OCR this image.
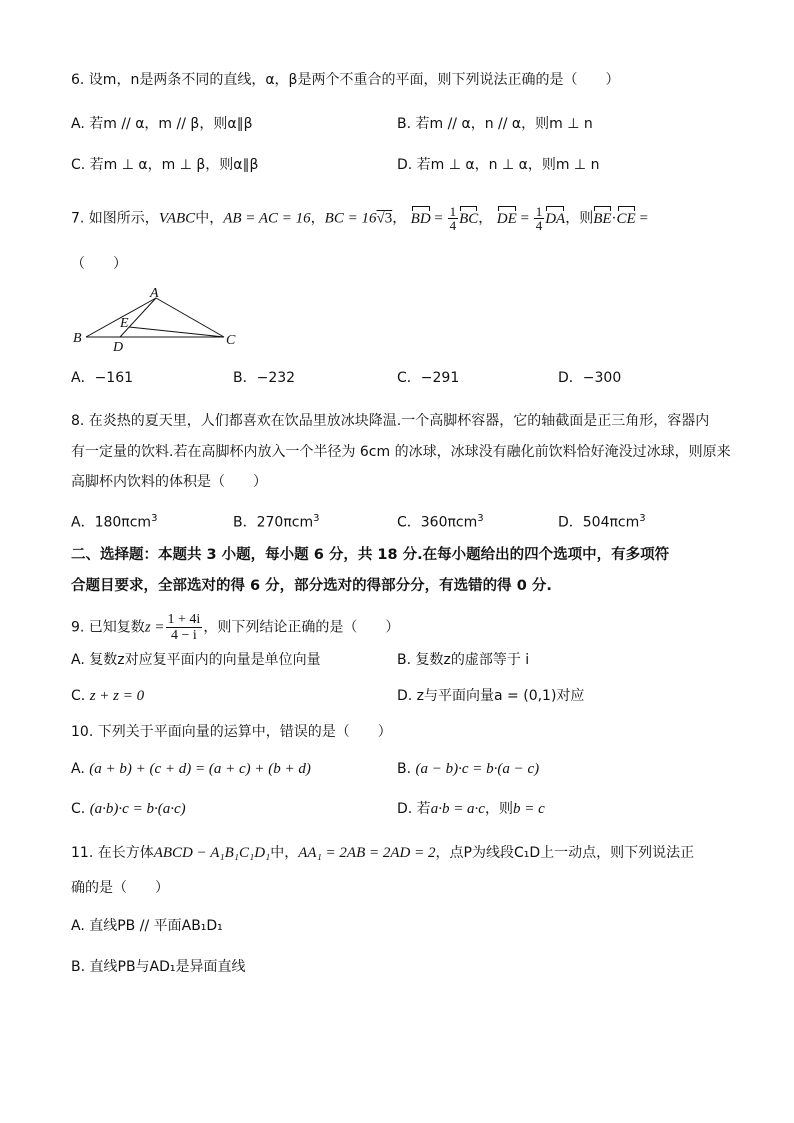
6. 设m，n是两条不同的直线，α，β是两个不重合的平面，则下列说法正确的是（　　）
A. 若m // α，m // β，则α∥β	B. 若m // α，n // α，则m ⊥ n
C. 若m ⊥ α，m ⊥ β，则α∥β	D. 若m ⊥ α，n ⊥ α，则m ⊥ n
7. 如图所示，VABC中，AB = AC = 16，BC = 16√3， BD = $\frac{1}{4}$ BC， DE = $\frac{1}{4}$ DA，则BE·CE =
（　　）
A
B	C
D
E
A．−161	B．−232	C．−291	D．−300
8. 在炎热的夏天里，人们都喜欢在饮品里放冰块降温.一个高脚杯容器，它的轴截面是正三角形，容器内
有一定量的饮料.若在高脚杯内放入一个半径为 6cm 的冰球，冰球没有融化前饮料恰好淹没过冰球，则原来
高脚杯内饮料的体积是（　　）
A．180πcm$^3$	B．270πcm$^3$	C．360πcm$^3$	D．504πcm$^3$
二、选择题：本题共 3 小题，每小题 6 分，共 18 分.在每小题给出的四个选项中，有多项符
合题目要求，全部选对的得 6 分，部分选对的得部分分，有选错的得 0 分.
9. 已知复数$z = \frac{1 + 4i}{4 - i}$ ，则下列结论正确的是（　　）
A. 复数z对应复平面内的向量是单位向量	B. 复数z的虚部等于 i
C. z + z = 0	D. z与平面向量a = (0,1)对应
10. 下列关于平面向量的运算中，错误的是（　　）
A. (a + b) + (c + d) = (a + c) + (b + d)	B. (a − b)·c = b·(a − c)
C. (a·b)·c = b·(a·c)	D. 若a·b = a·c，则b = c
11. 在长方体ABCD − A₁B₁C₁D₁中，AA₁ = 2AB = 2AD = 2，点P为线段C₁D上一动点，则下列说法正
确的是（　　）
A. 直线PB // 平面AB₁D₁
B. 直线PB与AD₁是异面直线
